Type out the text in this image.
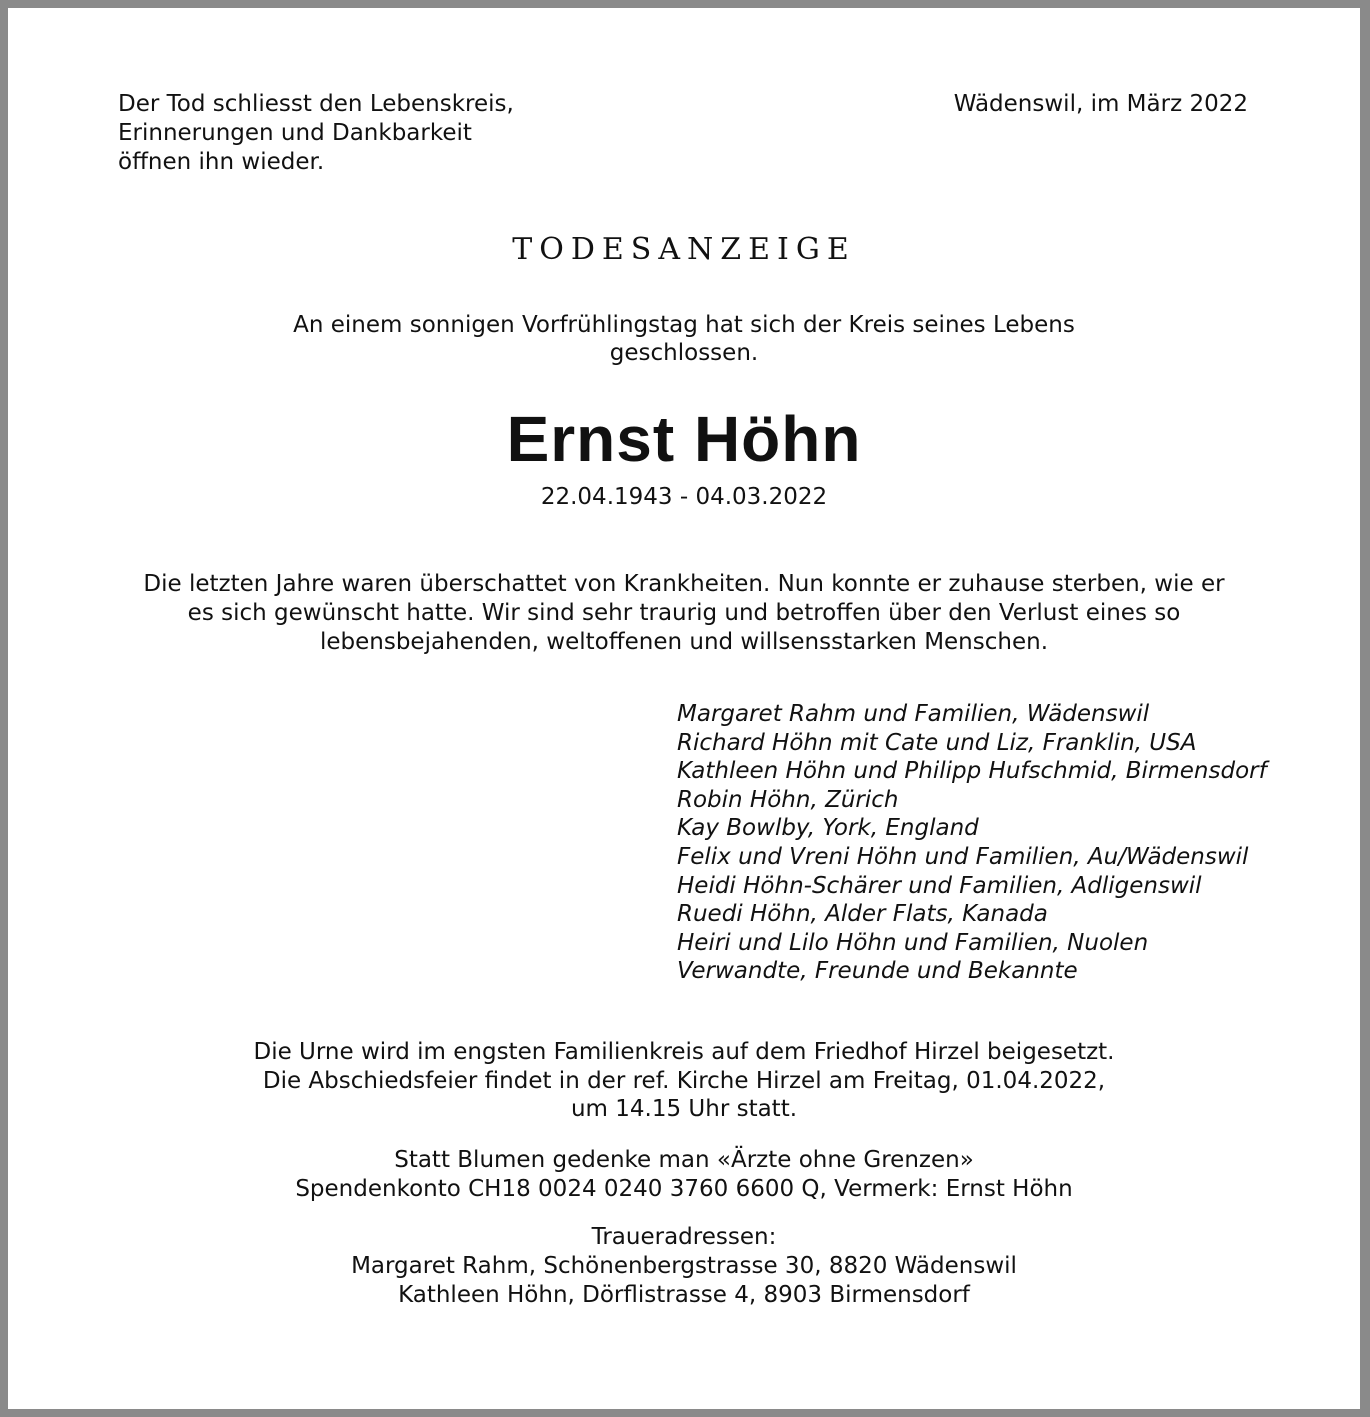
Der Tod schliesst den Lebenskreis,
Erinnerungen und Dankbarkeit
öffnen ihn wieder.
Wädenswil, im März 2022
TODESANZEIGE
An einem sonnigen Vorfrühlingstag hat sich der Kreis seines Lebens
geschlossen.
Ernst Höhn
22.04.1943 - 04.03.2022
Die letzten Jahre waren überschattet von Krankheiten. Nun konnte er zuhause sterben, wie er
es sich gewünscht hatte. Wir sind sehr traurig und betroffen über den Verlust eines so
lebensbejahenden, weltoffenen und willsensstarken Menschen.
Margaret Rahm und Familien, Wädenswil
Richard Höhn mit Cate und Liz, Franklin, USA
Kathleen Höhn und Philipp Hufschmid, Birmensdorf
Robin Höhn, Zürich
Kay Bowlby, York, England
Felix und Vreni Höhn und Familien, Au/Wädenswil
Heidi Höhn-Schärer und Familien, Adligenswil
Ruedi Höhn, Alder Flats, Kanada
Heiri und Lilo Höhn und Familien, Nuolen
Verwandte, Freunde und Bekannte
Die Urne wird im engsten Familienkreis auf dem Friedhof Hirzel beigesetzt.
Die Abschiedsfeier findet in der ref. Kirche Hirzel am Freitag, 01.04.2022,
um 14.15 Uhr statt.
Statt Blumen gedenke man «Ärzte ohne Grenzen»
Spendenkonto CH18 0024 0240 3760 6600 Q, Vermerk: Ernst Höhn
Traueradressen:
Margaret Rahm, Schönenbergstrasse 30, 8820 Wädenswil
Kathleen Höhn, Dörflistrasse 4, 8903 Birmensdorf
